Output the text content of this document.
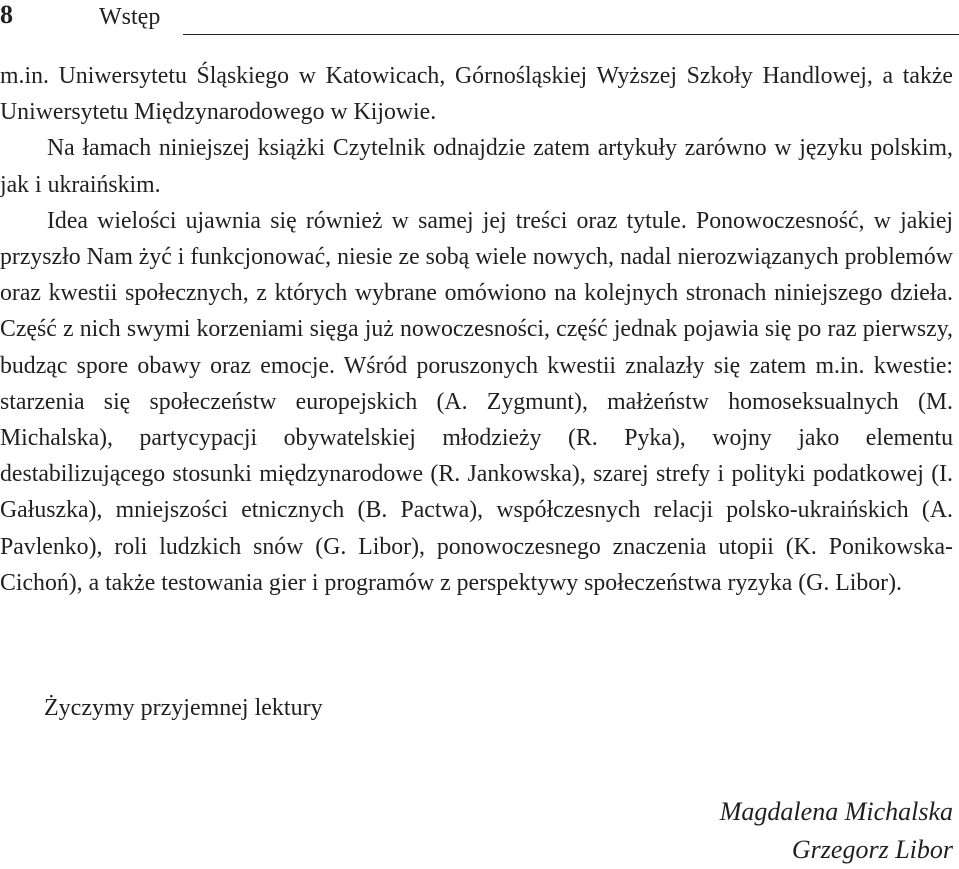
8	Wstęp

m.in. Uniwersytetu Śląskiego w Katowicach, Górnośląskiej Wyższej Szkoły Handlowej, a także Uniwersytetu Międzynarodowego w Kijowie.

Na łamach niniejszej książki Czytelnik odnajdzie zatem artykuły zarówno w języku polskim, jak i ukraińskim.

Idea wielości ujawnia się również w samej jej treści oraz tytule. Ponowoczesność, w jakiej przyszło Nam żyć i funkcjonować, niesie ze sobą wiele nowych, nadal nierozwiązanych problemów oraz kwestii społecznych, z których wybrane omówiono na kolejnych stronach niniejszego dzieła. Część z nich swymi korzeniami sięga już nowoczesności, część jednak pojawia się po raz pierwszy, budząc spore obawy oraz emocje. Wśród poruszonych kwestii znalazły się zatem m.in. kwestie: starzenia się społeczeństw europejskich (A. Zygmunt), małżeństw homoseksualnych (M. Michalska), partycypacji obywatelskiej młodzieży (R. Pyka), wojny jako elementu destabilizującego stosunki międzynarodowe (R. Jankowska), szarej strefy i polityki podatkowej (I. Gałuszka), mniejszości etnicznych (B. Pactwa), współczesnych relacji polsko-ukraińskich (A. Pavlenko), roli ludzkich snów (G. Libor), ponowoczesnego znaczenia utopii (K. Ponikowska-Cichoń), a także testowania gier i programów z perspektywy społeczeństwa ryzyka (G. Libor).

Życzymy przyjemnej lektury
Magdalena Michalska
Grzegorz Libor
